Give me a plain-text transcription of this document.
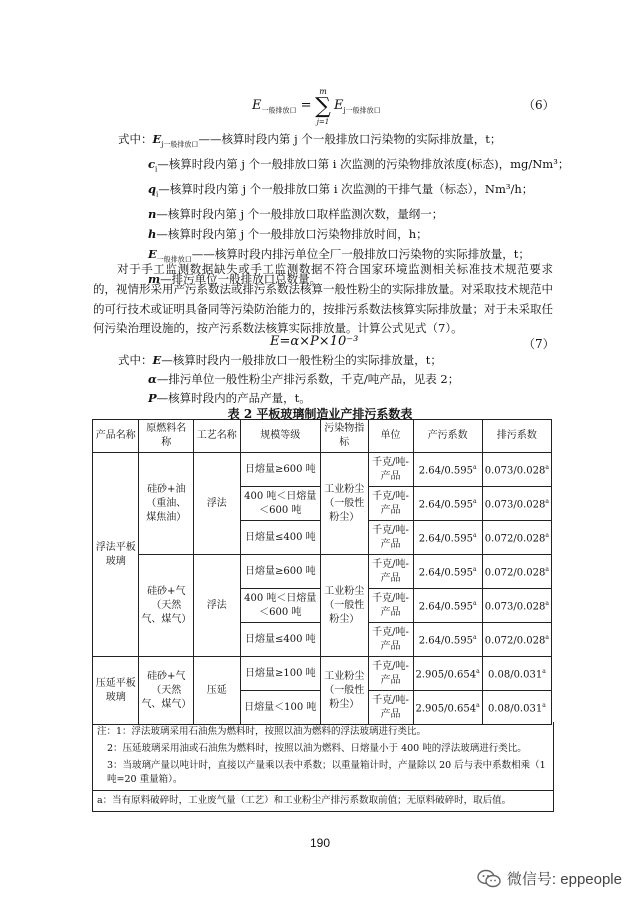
$E_{一般排放口}$ =
m
∑
j=1
$E_{j一般排放口}$	（6）
式中：$E_{j一般排放口}——$核算时段内第 j 个一般排放口污染物的实际排放量，t；
$c_i—$核算时段内第 j 个一般排放口第 i 次监测的污染物排放浓度(标态)，mg/Nm³；
$q_i—$核算时段内第 j 个一般排放口第 i 次监测的干排气量（标态），Nm³/h；
n—核算时段内第 j 个一般排放口取样监测次数，量纲一；
h—核算时段内第 j 个一般排放口污染物排放时间，h；
$E_{一般排放口}——$核算时段内排污单位全厂一般排放口污染物的实际排放量，t；
m—排污单位一般排放口总数量。
对于手工监测数据缺失或手工监测数据不符合国家环境监测相关标准技术规范要求的，视情形采用产污系数法或排污系数法核算一般性粉尘的实际排放量。对采取技术规范中的可行技术或证明具备同等污染防治能力的，按排污系数法核算实际排放量；对于未采取任何污染治理设施的，按产污系数法核算实际排放量。计算公式见式（7）。
E=α×P×10⁻³	（7）
式中：E—核算时段内一般排放口一般性粉尘的实际排放量，t；
α—排污单位一般性粉尘产排污系数，千克/吨产品，见表 2；
P—核算时段内的产品产量，t。
表 2 平板玻璃制造业产排污系数表
产品名称	原燃料名称	工艺名称	规模等级	污染物指标	单位	产污系数	排污系数
浮法平板玻璃	硅砂+油（重油、煤焦油）	浮法	日熔量≥600 吨	工业粉尘（一般性粉尘）	千克/吨-产品	2.64/0.595$^a$	0.073/0.028$^a$
			400 吨＜日熔量＜600 吨		千克/吨-产品	2.64/0.595$^a$	0.073/0.028$^a$
			日熔量≤400 吨		千克/吨-产品	2.64/0.595$^a$	0.072/0.028$^a$
	硅砂+气（天然气、煤气）	浮法	日熔量≥600 吨	工业粉尘（一般性粉尘）	千克/吨-产品	2.64/0.595$^a$	0.072/0.028$^a$
			400 吨＜日熔量＜600 吨		千克/吨-产品	2.64/0.595$^a$	0.073/0.028$^a$
			日熔量≤400 吨		千克/吨-产品	2.64/0.595$^a$	0.072/0.028$^a$
压延平板玻璃	硅砂+气（天然气、煤气）	压延	日熔量≥100 吨	工业粉尘（一般性粉尘）	千克/吨-产品	2.905/0.654$^a$	0.08/0.031$^a$
			日熔量＜100 吨		千克/吨-产品	2.905/0.654$^a$	0.08/0.031$^a$
注：1：浮法玻璃采用石油焦为燃料时，按照以油为燃料的浮法玻璃进行类比。
2：压延玻璃采用油或石油焦为燃料时，按照以油为燃料、日熔量小于 400 吨的浮法玻璃进行类比。
3：当玻璃产量以吨计时，直接以产量乘以表中系数；以重量箱计时，产量除以 20 后与表中系数相乘（1 吨=20 重量箱）。
a：当有原料破碎时，工业废气量（工艺）和工业粉尘产排污系数取前值；无原料破碎时，取后值。
190
微信号: eppeople
